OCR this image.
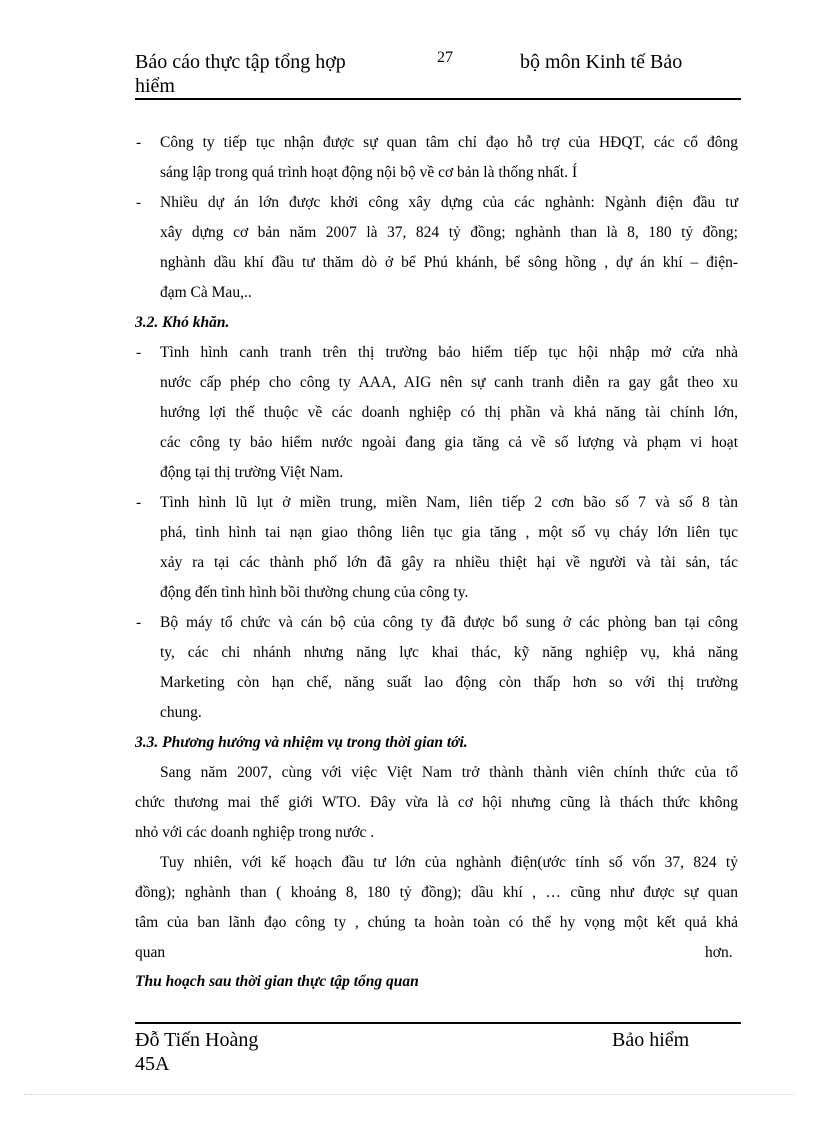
Báo cáo thực tập tổng hợp
hiểm
27	bộ môn Kinh tế Bảo
- Công ty tiếp tục nhận được sự quan tâm chỉ đạo hỗ trợ của HĐQT, các cổ đông
sáng lập trong quá trình hoạt động nội bộ về cơ bản là thống nhất. Í
- Nhiều dự án lớn được khởi công xây dựng của các nghành: Ngành điện đầu tư
xây dựng cơ bản năm 2007 là 37, 824 tỷ đồng; nghành than là 8, 180 tỷ đồng;
nghành dầu khí đầu tư thăm dò ở bể Phú khánh, bể sông hồng , dự án khí – điện-
đạm Cà Mau,..
3.2. Khó khăn.
- Tình hình canh tranh trên thị trường bảo hiểm tiếp tục hội nhập mở cửa nhà
nước cấp phép cho công ty AAA, AIG nên sự canh tranh diễn ra gay gắt theo xu
hướng lợi thế thuộc về các doanh nghiệp có thị phần và khả năng tài chính lớn,
các công ty bảo hiểm nước ngoài đang gia tăng cả về số lượng và phạm vi hoạt
động tại thị trường Việt Nam.
- Tình hình lũ lụt ở miền trung, miền Nam, liên tiếp 2 cơn bão số 7 và số 8 tàn
phá, tình hình tai nạn giao thông liên tục gia tăng , một số vụ cháy lớn liên tục
xảy ra tại các thành phố lớn đã gây ra nhiều thiệt hại về người và tài sản, tác
động đến tình hình bồi thường chung của công ty.
- Bộ máy tổ chức và cán bộ của công ty đã được bổ sung ở các phòng ban tại công
ty, các chi nhánh nhưng năng lực khai thác, kỹ năng nghiệp vụ, khả năng
Marketing còn hạn chế, năng suất lao động còn thấp hơn so với thị trường
chung.
3.3. Phương hướng và nhiệm vụ trong thời gian tới.
Sang năm 2007, cùng với việc Việt Nam trở thành thành viên chính thức của tổ
chức thương mai thế giới WTO. Đây vừa là cơ hội nhưng cũng là thách thức không
nhỏ với các doanh nghiệp trong nước .
Tuy nhiên, với kế hoạch đầu tư lớn của nghành điện(ước tính số vốn 37, 824 tỷ
đồng); nghành than ( khoảng 8, 180 tỷ đồng); dầu khí , … cũng như được sự quan
tâm của ban lãnh đạo công ty , chúng ta hoàn toàn có thể hy vọng một kết quả khả
quan	hơn.
Thu hoạch sau thời gian thực tập tổng quan
Đỗ Tiến Hoàng
45A
Bảo hiểm
